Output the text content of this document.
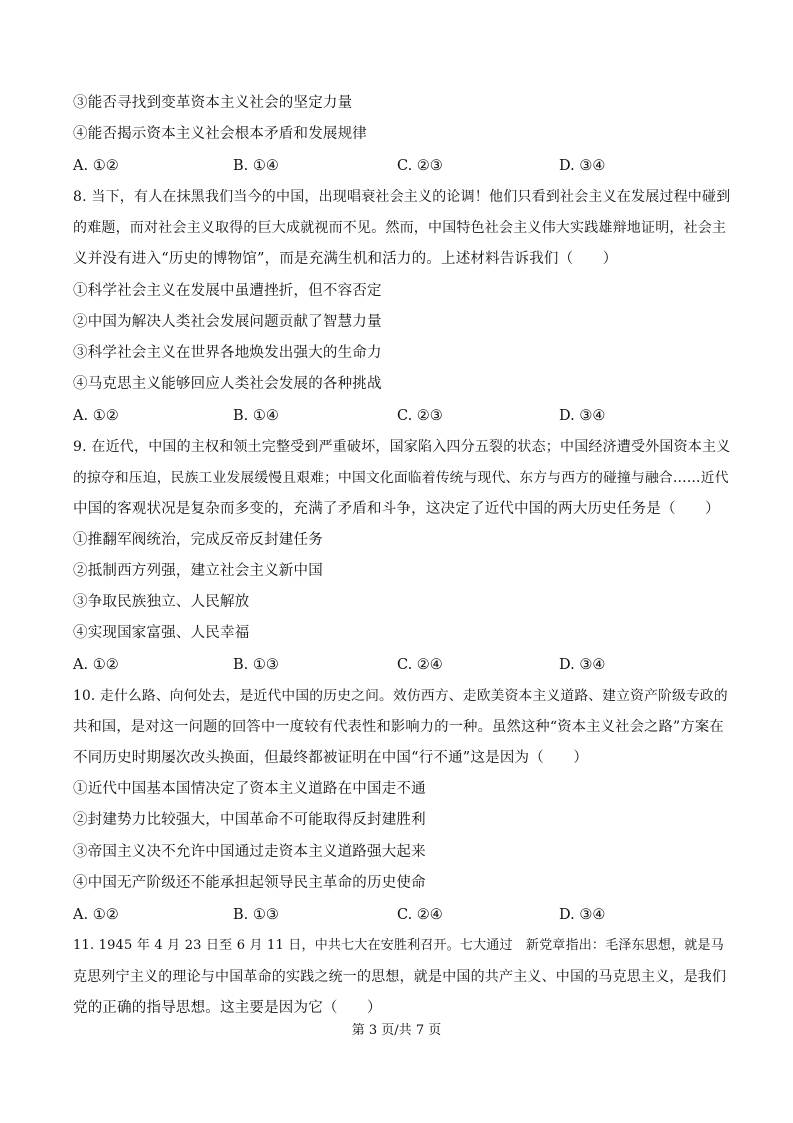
③能否寻找到变革资本主义社会的坚定力量
④能否揭示资本主义社会根本矛盾和发展规律
A. ①②	B. ①④	C. ②③	D. ③④
8. 当下，有人在抹黑我们当今的中国，出现唱衰社会主义的论调！他们只看到社会主义在发展过程中碰到
的难题，而对社会主义取得的巨大成就视而不见。然而，中国特色社会主义伟大实践雄辩地证明，社会主
义并没有进入“历史的博物馆”，而是充满生机和活力的。上述材料告诉我们（　　）
①科学社会主义在发展中虽遭挫折，但不容否定
②中国为解决人类社会发展问题贡献了智慧力量
③科学社会主义在世界各地焕发出强大的生命力
④马克思主义能够回应人类社会发展的各种挑战
A. ①②	B. ①④	C. ②③	D. ③④
9. 在近代，中国的主权和领土完整受到严重破坏，国家陷入四分五裂的状态；中国经济遭受外国资本主义
的掠夺和压迫，民族工业发展缓慢且艰难；中国文化面临着传统与现代、东方与西方的碰撞与融合……近代
中国的客观状况是复杂而多变的，充满了矛盾和斗争，这决定了近代中国的两大历史任务是（　　）
①推翻军阀统治，完成反帝反封建任务
②抵制西方列强，建立社会主义新中国
③争取民族独立、人民解放
④实现国家富强、人民幸福
A. ①②	B. ①③	C. ②④	D. ③④
10. 走什么路、向何处去，是近代中国的历史之问。效仿西方、走欧美资本主义道路、建立资产阶级专政的
共和国，是对这一问题的回答中一度较有代表性和影响力的一种。虽然这种“资本主义社会之路”方案在
不同历史时期屡次改头换面，但最终都被证明在中国“行不通”这是因为（　　）
①近代中国基本国情决定了资本主义道路在中国走不通
②封建势力比较强大，中国革命不可能取得反封建胜利
③帝国主义决不允许中国通过走资本主义道路强大起来
④中国无产阶级还不能承担起领导民主革命的历史使命
A. ①②	B. ①③	C. ②④	D. ③④
11. 1945 年 4 月 23 日至 6 月 11 日，中共七大在安胜利召开。七大通过　新党章指出：毛泽东思想，就是马
克思列宁主义的理论与中国革命的实践之统一的思想，就是中国的共产主义、中国的马克思主义，是我们
党的正确的指导思想。这主要是因为它（　　）
第 3 页/共 7 页
